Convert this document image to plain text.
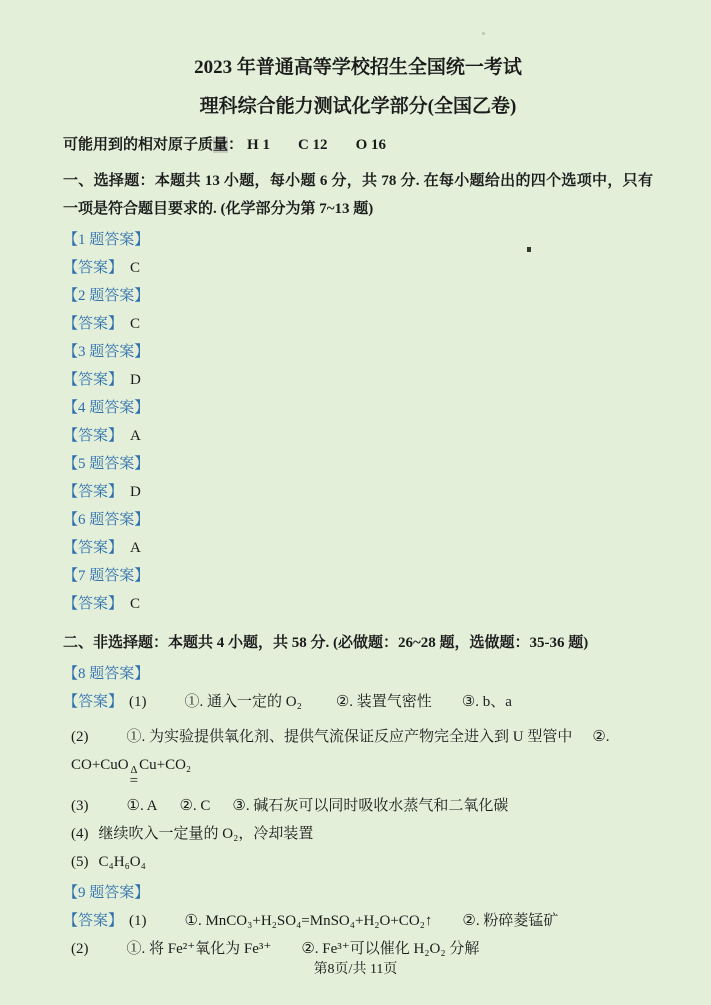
2023 年普通高等学校招生全国统一考试
理科综合能力测试化学部分(全国乙卷)

可能用到的相对原子质量： H 1 C 12 O 16

一、选择题：本题共 13 小题，每小题 6 分，共 78 分. 在每小题给出的四个选项中，只有一项是符合题目要求的. (化学部分为第 7~13 题)

【1 题答案】

【答案】 C

【2 题答案】

【答案】 C

【3 题答案】

【答案】 D

【4 题答案】

【答案】 A

【5 题答案】

【答案】 D

【6 题答案】

【答案】 A

【7 题答案】

【答案】 C

二、非选择题：本题共 4 小题，共 58 分. (必做题：26~28 题，选做题：35-36 题)

【8 题答案】

【答案】 (1)	①. 通入一定的 O₂ ②. 装置气密性 ③. b、a

(2)	①. 为实验提供氧化剂、提供气流保证反应产物完全进入到 U 型管中 ②. CO+CuO Δ
=
Cu+CO₂

(3)	①. A ②. C ③. 碱石灰可以同时吸收水蒸气和二氧化碳

(4) 继续吹入一定量的 O₂，冷却装置

(5) C₄H₆O₄

【9 题答案】

【答案】 (1)	①. MnCO₃+H₂SO₄=MnSO₄+H₂O+CO₂↑ ②. 粉碎菱锰矿

(2)	①. 将 Fe²⁺氧化为 Fe³⁺ ②. Fe³⁺可以催化 H₂O₂ 分解

第8页/共 11页
